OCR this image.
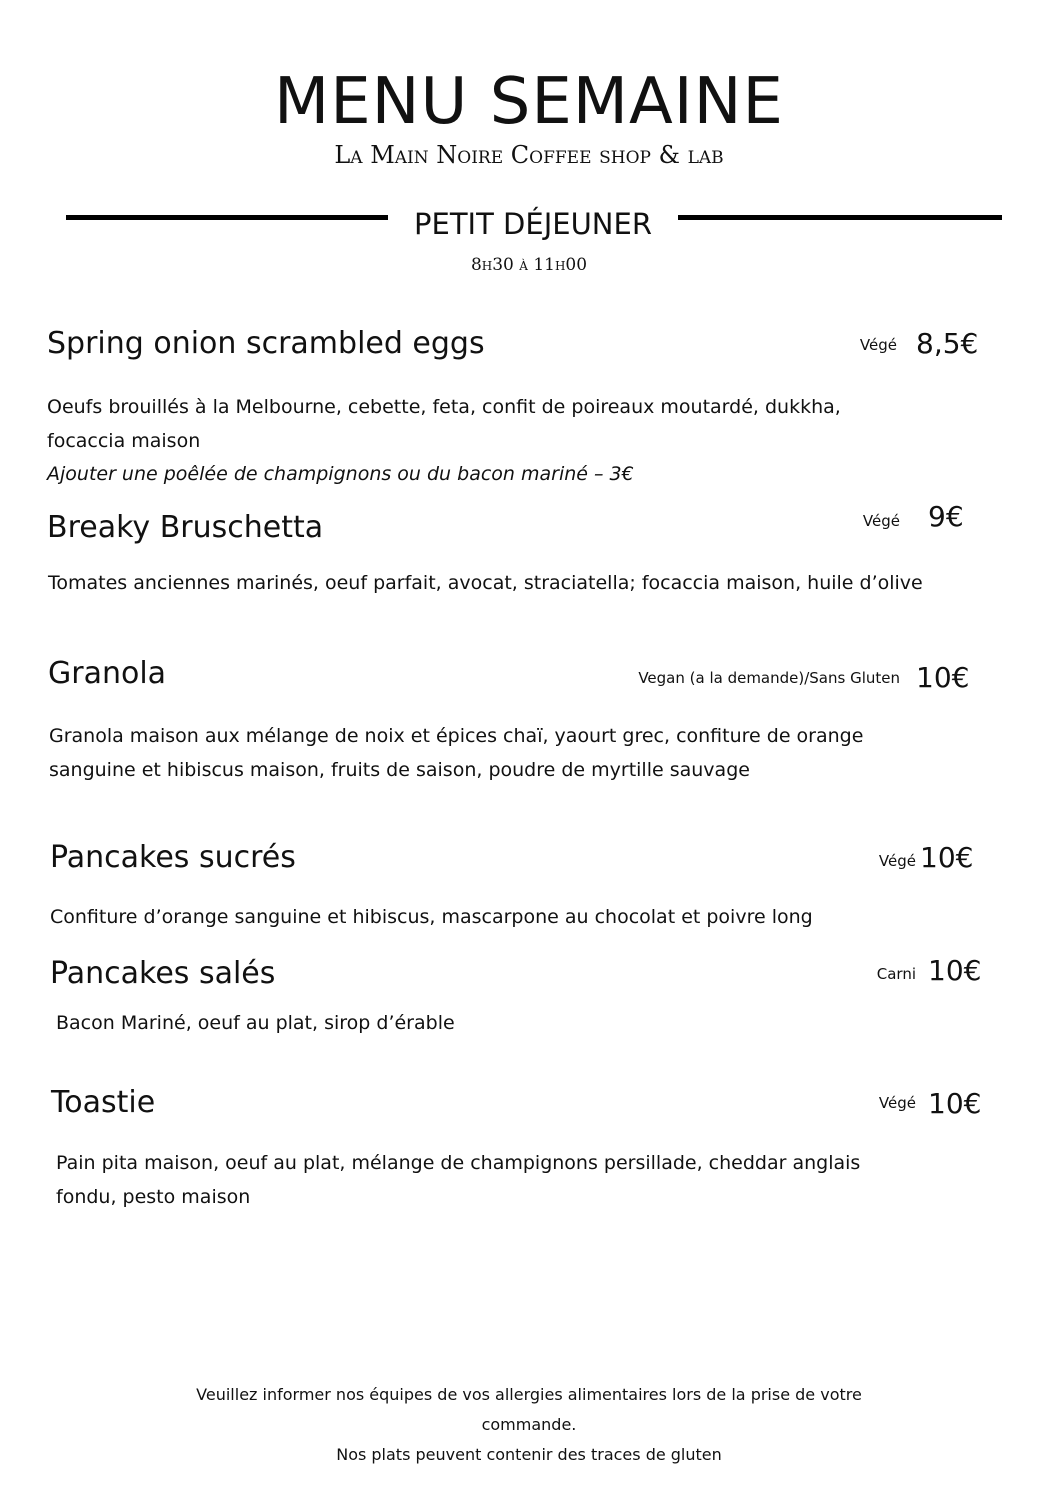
MENU SEMAINE
La Main Noire Coffee shop & lab
PETIT DÉJEUNER
8h30 à 11h00
Spring onion scrambled eggs	Végé 8,5€
Oeufs brouillés à la Melbourne, cebette, feta, confit de poireaux moutardé, dukkha, focaccia maison
Ajouter une poêlée de champignons ou du bacon mariné – 3€
Breaky Bruschetta	Végé 9€
Tomates anciennes marinés, oeuf parfait, avocat, straciatella; focaccia maison, huile d’olive
Granola	Vegan (a la demande)/Sans Gluten 10€
Granola maison aux mélange de noix et épices chaï, yaourt grec, confiture de orange sanguine et hibiscus maison, fruits de saison, poudre de myrtille sauvage
Pancakes sucrés	Végé 10€
Confiture d’orange sanguine et hibiscus, mascarpone au chocolat et poivre long
Pancakes salés	Carni 10€
Bacon Mariné, oeuf au plat, sirop d’érable
Toastie	Végé 10€
Pain pita maison, oeuf au plat, mélange de champignons persillade, cheddar anglais fondu, pesto maison
Veuillez informer nos équipes de vos allergies alimentaires lors de la prise de votre
commande.
Nos plats peuvent contenir des traces de gluten
